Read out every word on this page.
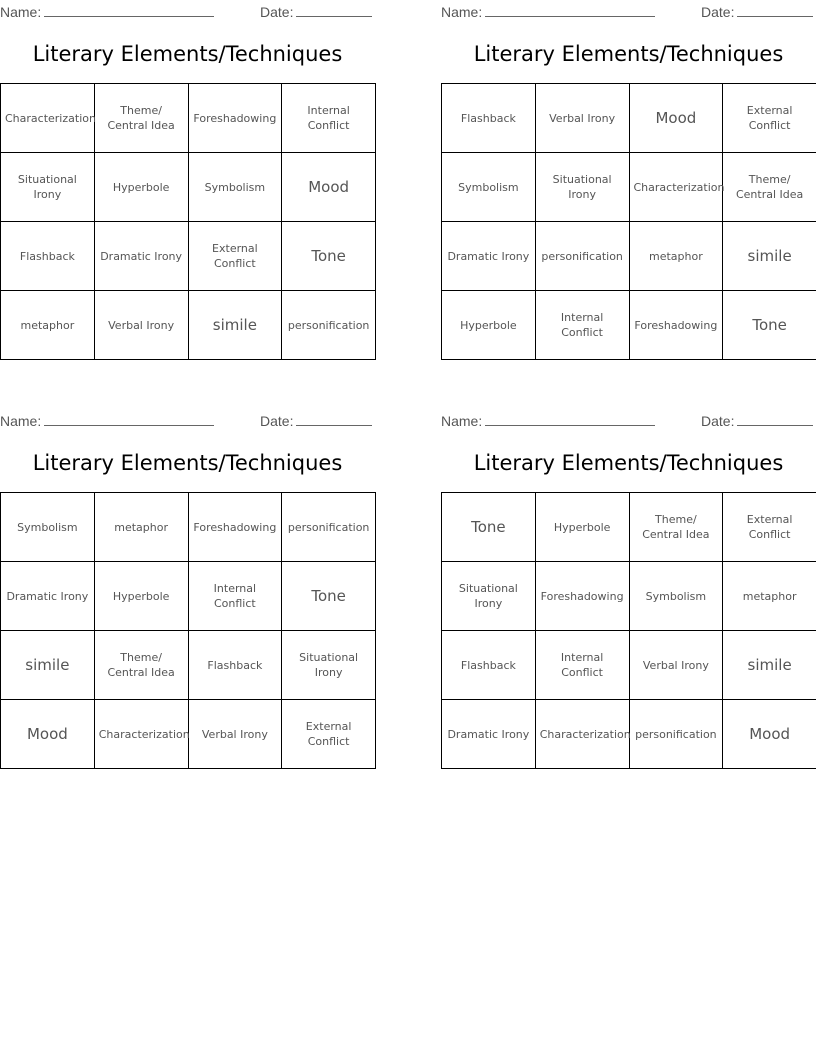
Name:	Date:
Literary Elements/Techniques
Characterization	Theme/ Central Idea	Foreshadowing	Internal Conflict
Situational Irony	Hyperbole	Symbolism	Mood
Flashback	Dramatic Irony	External Conflict	Tone
metaphor	Verbal Irony	simile	personification
Name:	Date:
Literary Elements/Techniques
Flashback	Verbal Irony	Mood	External Conflict
Symbolism	Situational Irony	Characterization	Theme/ Central Idea
Dramatic Irony	personification	metaphor	simile
Hyperbole	Internal Conflict	Foreshadowing	Tone
Name:	Date:
Literary Elements/Techniques
Symbolism	metaphor	Foreshadowing	personification
Dramatic Irony	Hyperbole	Internal Conflict	Tone
simile	Theme/ Central Idea	Flashback	Situational Irony
Mood	Characterization	Verbal Irony	External Conflict
Name:	Date:
Literary Elements/Techniques
Tone	Hyperbole	Theme/ Central Idea	External Conflict
Situational Irony	Foreshadowing	Symbolism	metaphor
Flashback	Internal Conflict	Verbal Irony	simile
Dramatic Irony	Characterization	personification	Mood
